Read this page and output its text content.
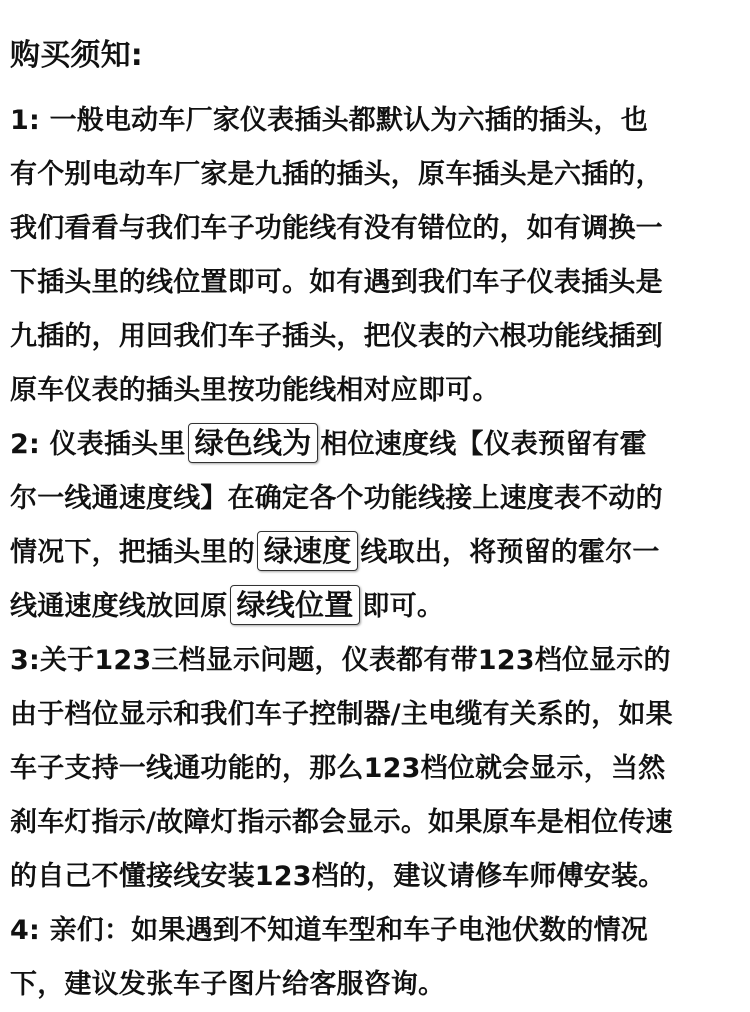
购买须知:
1: 一般电动车厂家仪表插头都默认为六插的插头，也
有个别电动车厂家是九插的插头，原车插头是六插的，
我们看看与我们车子功能线有没有错位的，如有调换一
下插头里的线位置即可。如有遇到我们车子仪表插头是
九插的，用回我们车子插头，把仪表的六根功能线插到
原车仪表的插头里按功能线相对应即可。
2: 仪表插头里 绿色线为 相位速度线【仪表预留有霍
尔一线通速度线】在确定各个功能线接上速度表不动的
情况下，把插头里的 绿速度 线取出，将预留的霍尔一
线通速度线放回原 绿线位置 即可。
3:关于123三档显示问题，仪表都有带123档位显示的
由于档位显示和我们车子控制器/主电缆有关系的，如果
车子支持一线通功能的，那么123档位就会显示，当然
刹车灯指示/故障灯指示都会显示。如果原车是相位传速
的自己不懂接线安装123档的，建议请修车师傅安装。
4: 亲们：如果遇到不知道车型和车子电池伏数的情况
下，建议发张车子图片给客服咨询。
